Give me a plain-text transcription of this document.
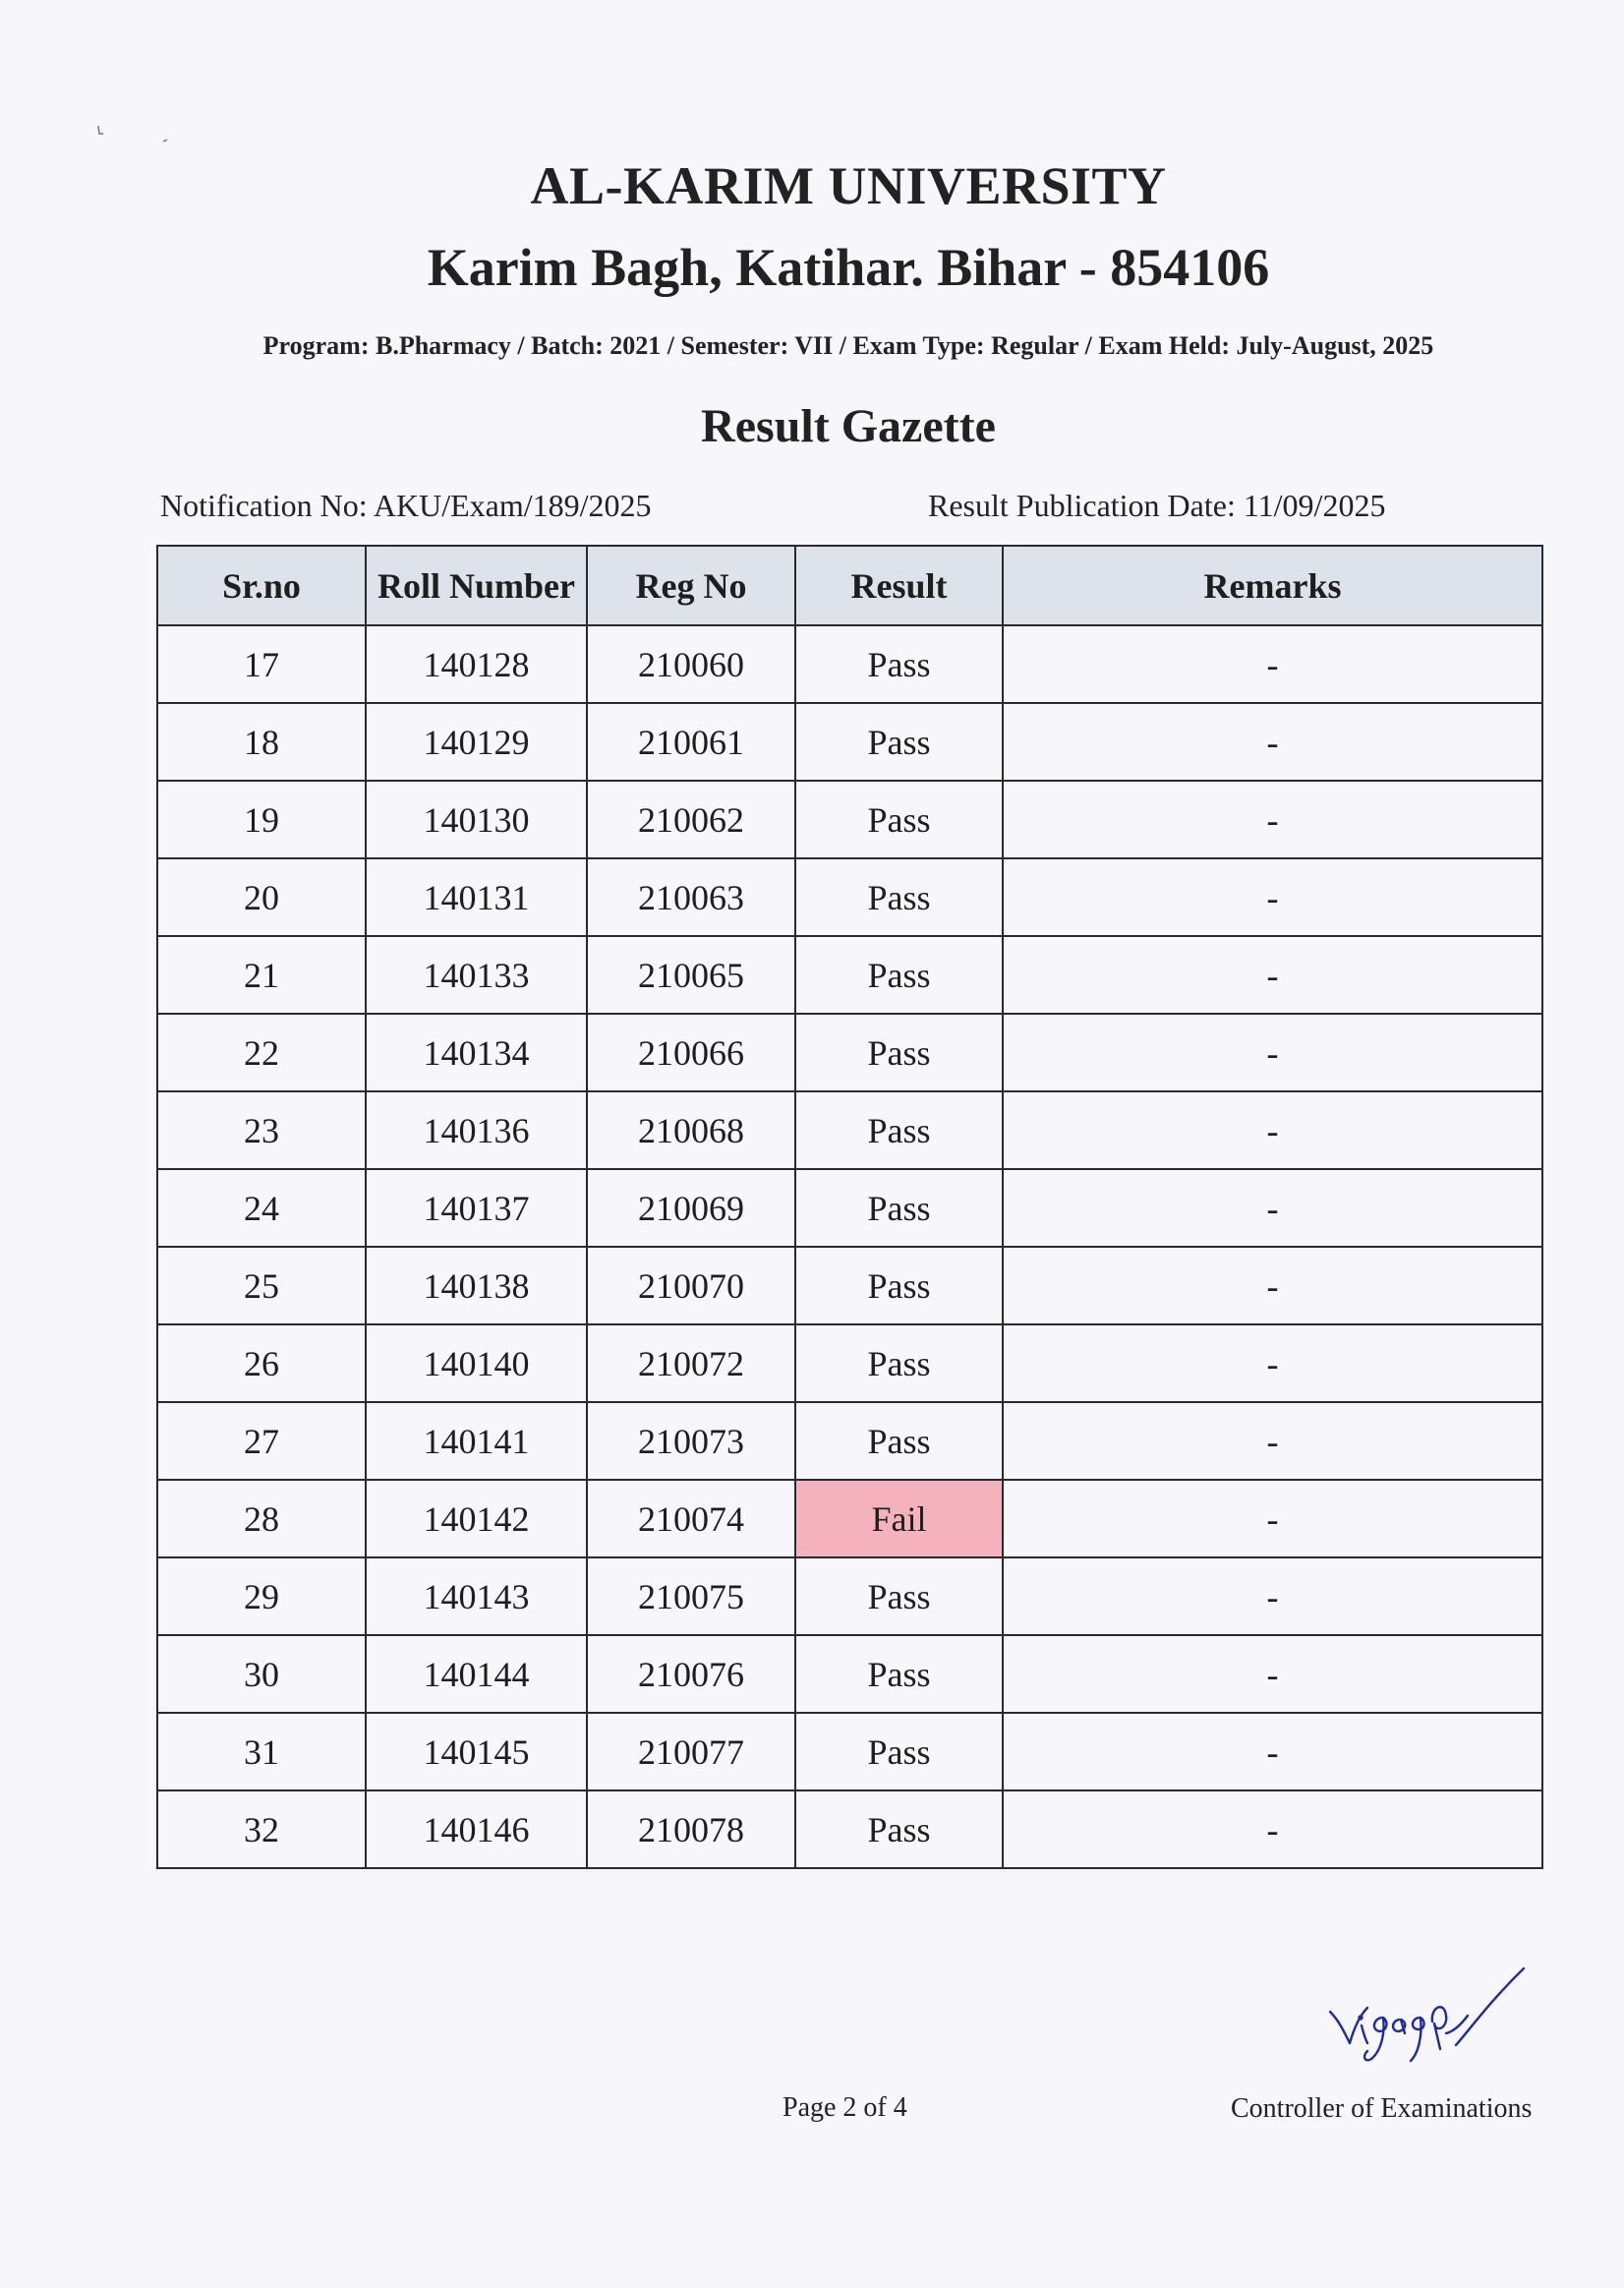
AL-KARIM UNIVERSITY
Karim Bagh, Katihar. Bihar - 854106
Program: B.Pharmacy / Batch: 2021 / Semester: VII / Exam Type: Regular / Exam Held: July-August, 2025
Result Gazette
Notification No: AKU/Exam/189/2025	Result Publication Date: 11/09/2025
Sr.no	Roll Number	Reg No	Result	Remarks
17	140128	210060	Pass	-
18	140129	210061	Pass	-
19	140130	210062	Pass	-
20	140131	210063	Pass	-
21	140133	210065	Pass	-
22	140134	210066	Pass	-
23	140136	210068	Pass	-
24	140137	210069	Pass	-
25	140138	210070	Pass	-
26	140140	210072	Pass	-
27	140141	210073	Pass	-
28	140142	210074	Fail	-
29	140143	210075	Pass	-
30	140144	210076	Pass	-
31	140145	210077	Pass	-
32	140146	210078	Pass	-
Page 2 of 4	Controller of Examinations
